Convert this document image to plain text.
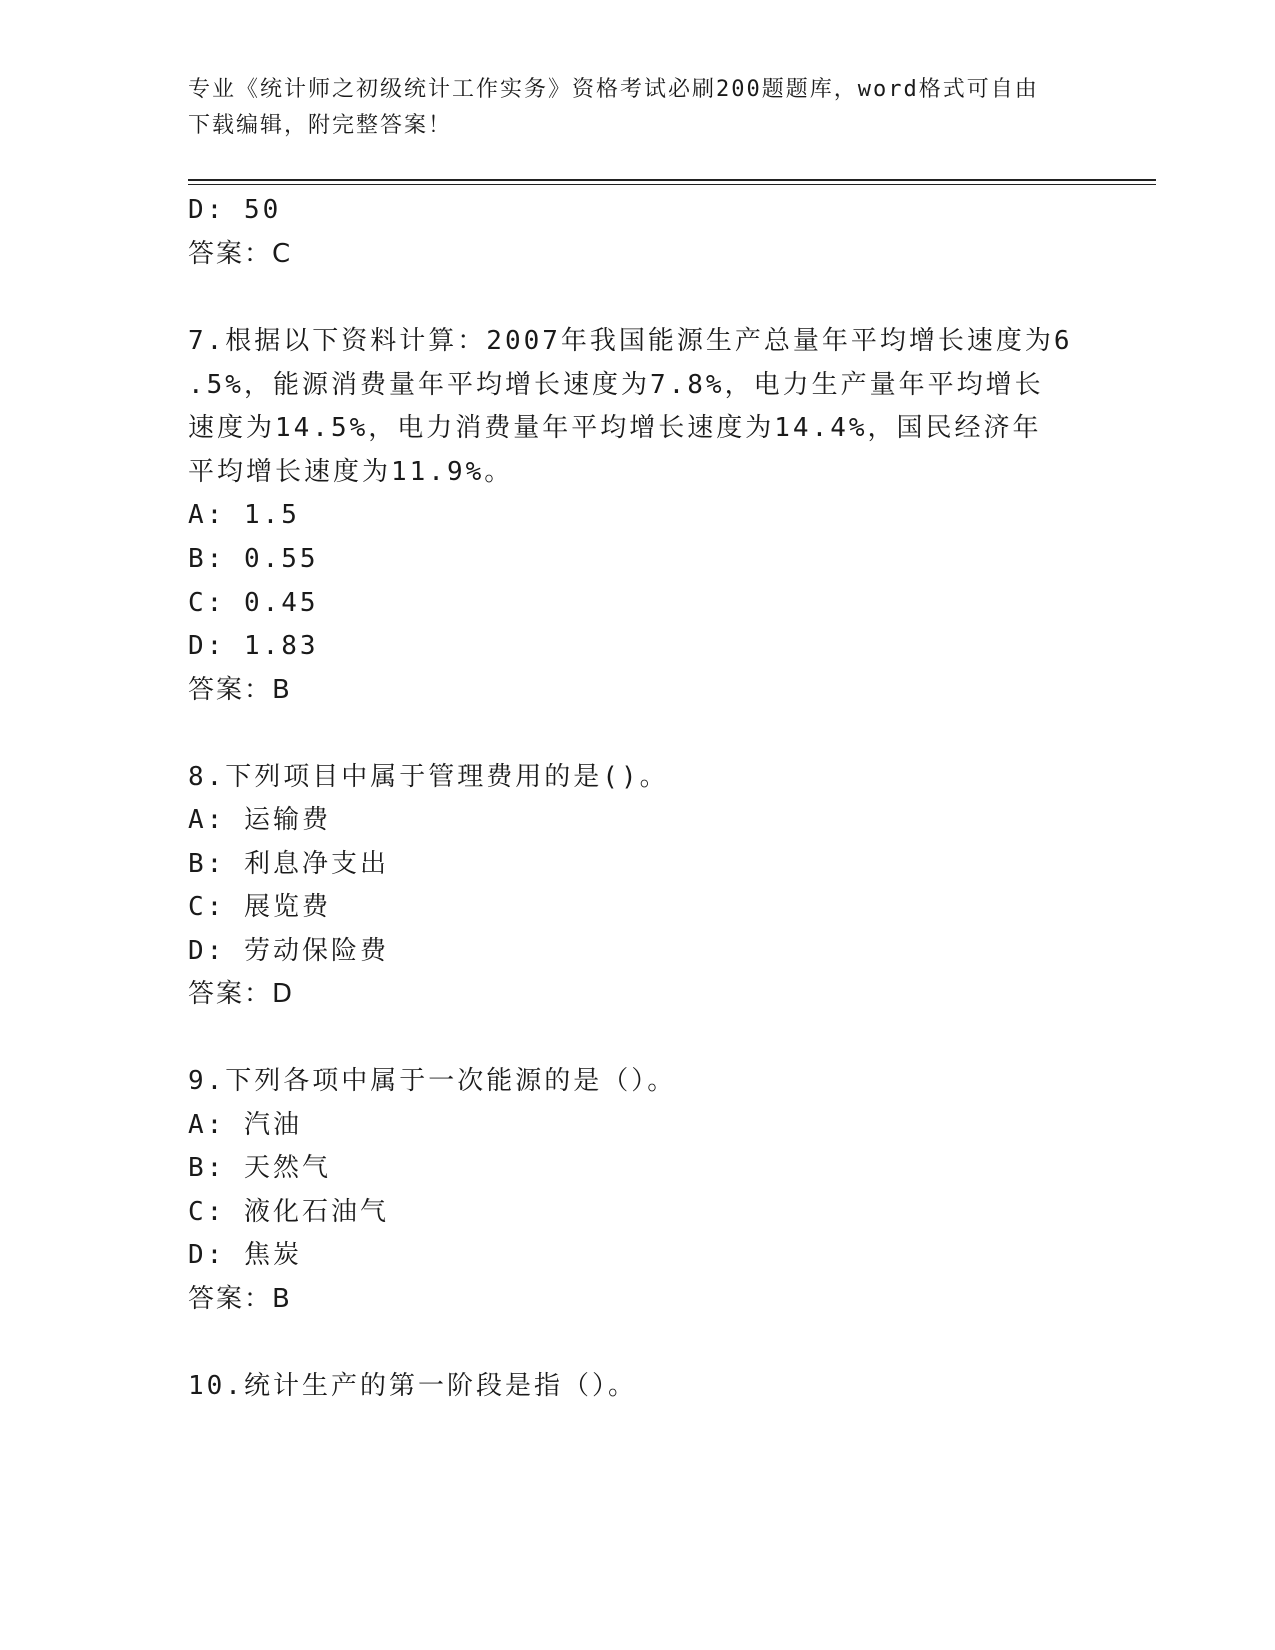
专业《统计师之初级统计工作实务》资格考试必刷200题题库，word格式可自由
下载编辑，附完整答案！
D: 50
答案：C
7.根据以下资料计算：2007年我国能源生产总量年平均增长速度为6
.5%，能源消费量年平均增长速度为7.8%，电力生产量年平均增长
速度为14.5%，电力消费量年平均增长速度为14.4%，国民经济年
平均增长速度为11.9%。
A: 1.5
B: 0.55
C: 0.45
D: 1.83
答案：B
8.下列项目中属于管理费用的是()。
A: 运输费
B: 利息净支出
C: 展览费
D: 劳动保险费
答案：D
9.下列各项中属于一次能源的是（）。
A: 汽油
B: 天然气
C: 液化石油气
D: 焦炭
答案：B
10.统计生产的第一阶段是指（）。
